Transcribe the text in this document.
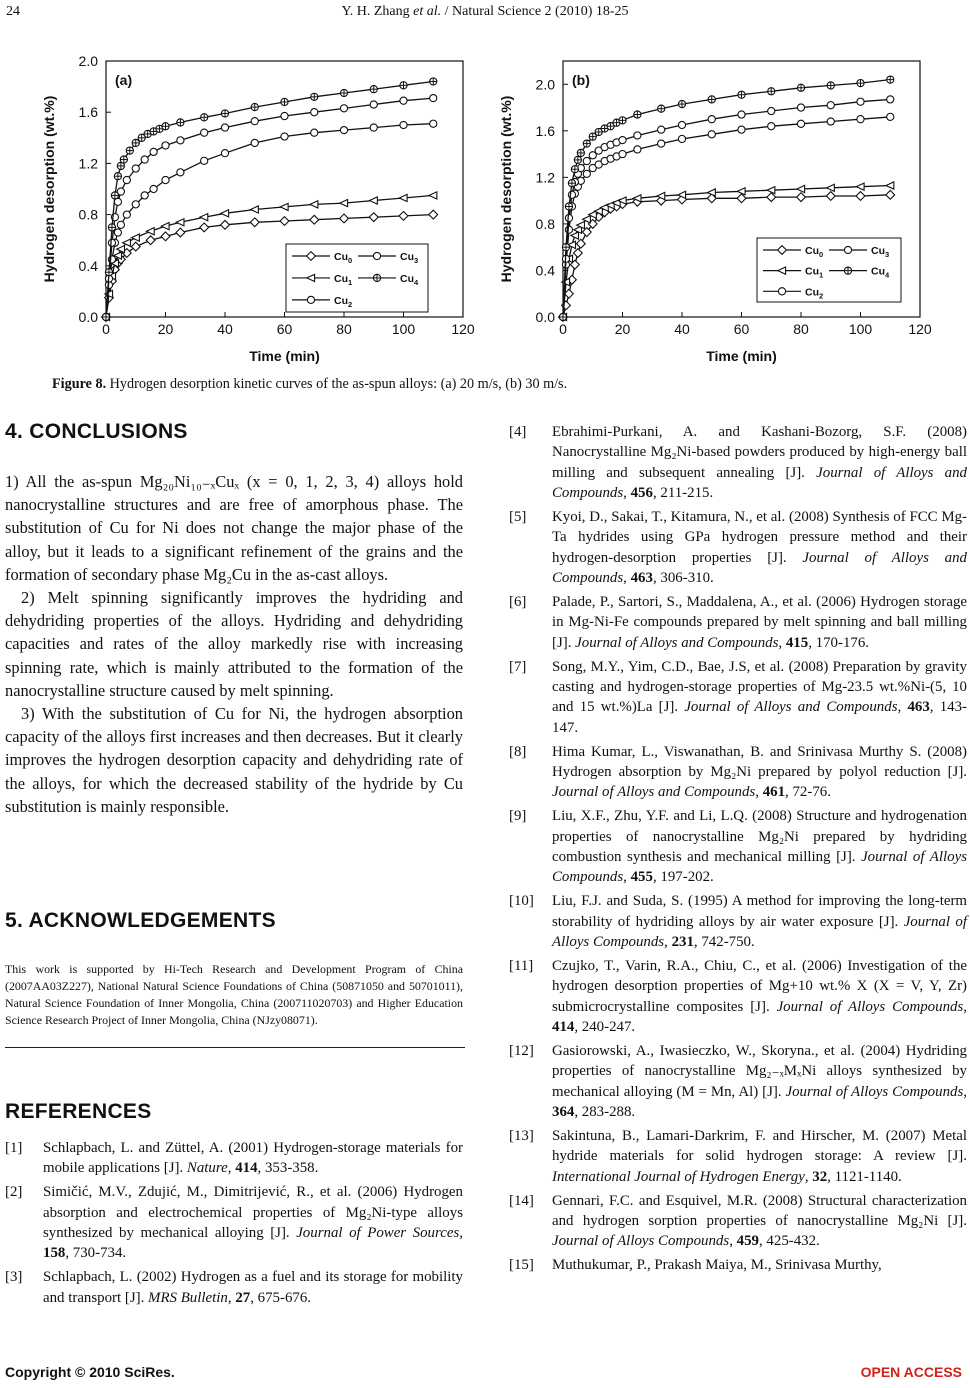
24	Y. H. Zhang et al. / Natural Science 2 (2010) 18-25
0	20	40	60	80	100	120
0.0
0.4
0.8
1.2
1.6
2.0
Time (min)
Hydrogen desorption (wt.%)
(a)
$Cu_0$
$Cu_1$
$Cu_2$
$Cu_3$
$Cu_4$
0	20	40	60	80	100	120
0.0
0.4
0.8
1.2
1.6
2.0
Time (min)
Hydrogen desorption (wt.%)
(b)
$Cu_0$
$Cu_1$
$Cu_2$
$Cu_3$
$Cu_4$
Figure 8. Hydrogen desorption kinetic curves of the as-spun alloys: (a) 20 m/s, (b) 30 m/s.
4. CONCLUSIONS

1) All the as-spun Mg₂₀Ni₁₀₋ₓCuₓ (x = 0, 1, 2, 3, 4) alloys hold nanocrystalline structures and are free of amorphous phase. The substitution of Cu for Ni does not change the major phase of the alloy, but it leads to a significant refinement of the grains and the formation of secondary phase Mg₂Cu in the as-cast alloys.

2) Melt spinning significantly improves the hydriding and dehydriding properties of the alloys. Hydriding and dehydriding capacities and rates of the alloy markedly rise with increasing spinning rate, which is mainly attributed to the formation of the nanocrystalline structure caused by melt spinning.

3) With the substitution of Cu for Ni, the hydrogen absorption capacity of the alloys first increases and then decreases. But it clearly improves the hydrogen desorption capacity and dehydriding rate of the alloys, for which the decreased stability of the hydride by Cu substitution is mainly responsible.

5. ACKNOWLEDGEMENTS
This work is supported by Hi-Tech Research and Development Program of China (2007AA03Z227), National Natural Science Foundations of China (50871050 and 50701011), Natural Science Foundation of Inner Mongolia, China (200711020703) and Higher Education Science Research Project of Inner Mongolia, China (NJzy08071).
REFERENCES
[1]	Schlapbach, L. and Züttel, A. (2001) Hydrogen-storage materials for mobile applications [J]. Nature, 414, 353-358.
[2]	Simičić, M.V., Zdujić, M., Dimitrijević, R., et al. (2006) Hydrogen absorption and electrochemical properties of Mg₂Ni-type alloys synthesized by mechanical alloying [J]. Journal of Power Sources, 158, 730-734.
[3]	Schlapbach, L. (2002) Hydrogen as a fuel and its storage for mobility and transport [J]. MRS Bulletin, 27, 675-676.
[4]	Ebrahimi-Purkani, A. and Kashani-Bozorg, S.F. (2008) Nanocrystalline Mg₂Ni-based powders produced by high-energy ball milling and subsequent annealing [J]. Journal of Alloys and Compounds, 456, 211-215.
[5]	Kyoi, D., Sakai, T., Kitamura, N., et al. (2008) Synthesis of FCC Mg-Ta hydrides using GPa hydrogen pressure method and their hydrogen-desorption properties [J]. Journal of Alloys and Compounds, 463, 306-310.
[6]	Palade, P., Sartori, S., Maddalena, A., et al. (2006) Hydrogen storage in Mg-Ni-Fe compounds prepared by melt spinning and ball milling [J]. Journal of Alloys and Compounds, 415, 170-176.
[7]	Song, M.Y., Yim, C.D., Bae, J.S, et al. (2008) Preparation by gravity casting and hydrogen-storage properties of Mg-23.5 wt.%Ni-(5, 10 and 15 wt.%)La [J]. Journal of Alloys and Compounds, 463, 143-147.
[8]	Hima Kumar, L., Viswanathan, B. and Srinivasa Murthy S. (2008) Hydrogen absorption by Mg₂Ni prepared by polyol reduction [J]. Journal of Alloys and Compounds, 461, 72-76.
[9]	Liu, X.F., Zhu, Y.F. and Li, L.Q. (2008) Structure and hydrogenation properties of nanocrystalline Mg₂Ni prepared by hydriding combustion synthesis and mechanical milling [J]. Journal of Alloys Compounds, 455, 197-202.
[10]	Liu, F.J. and Suda, S. (1995) A method for improving the long-term storability of hydriding alloys by air water exposure [J]. Journal of Alloys Compounds, 231, 742-750.
[11]	Czujko, T., Varin, R.A., Chiu, C., et al. (2006) Investigation of the hydrogen desorption properties of Mg+10 wt.% X (X = V, Y, Zr) submicrocrystalline composites [J]. Journal of Alloys Compounds, 414, 240-247.
[12]	Gasiorowski, A., Iwasieczko, W., Skoryna., et al. (2004) Hydriding properties of nanocrystalline Mg₂₋ₓMₓNi alloys synthesized by mechanical alloying (M = Mn, Al) [J]. Journal of Alloys Compounds, 364, 283-288.
[13]	Sakintuna, B., Lamari-Darkrim, F. and Hirscher, M. (2007) Metal hydride materials for solid hydrogen storage: A review [J]. International Journal of Hydrogen Energy, 32, 1121-1140.
[14]	Gennari, F.C. and Esquivel, M.R. (2008) Structural characterization and hydrogen sorption properties of nanocrystalline Mg₂Ni [J]. Journal of Alloys Compounds, 459, 425-432.
[15]	Muthukumar, P., Prakash Maiya, M., Srinivasa Murthy,
Copyright © 2010 SciRes.	OPEN ACCESS
